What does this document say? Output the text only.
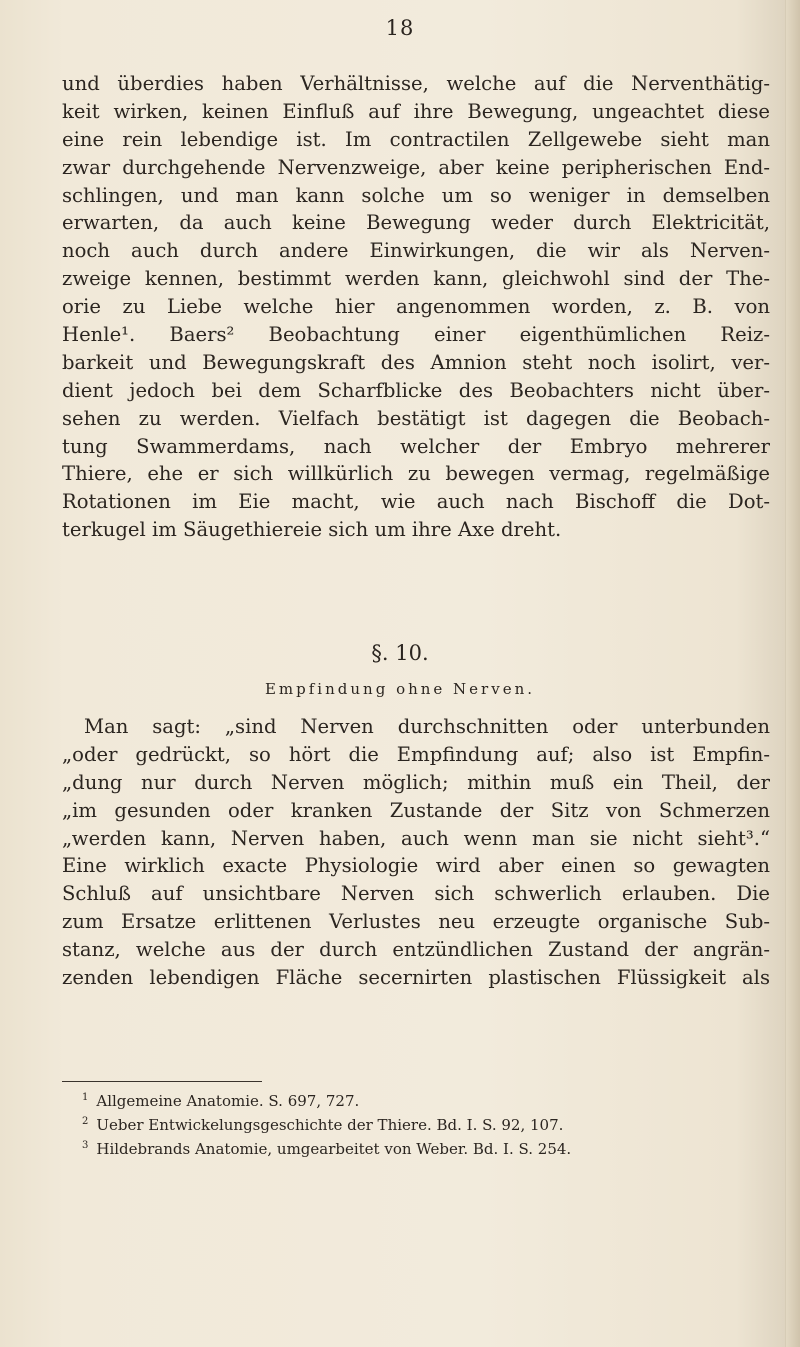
18
und überdies haben Verhältnisse, welche auf die Nerventhätig-
keit wirken, keinen Einfluß auf ihre Bewegung, ungeachtet diese
eine rein lebendige ist. Im contractilen Zellgewebe sieht man
zwar durchgehende Nervenzweige, aber keine peripherischen End-
schlingen, und man kann solche um so weniger in demselben
erwarten, da auch keine Bewegung weder durch Elektricität,
noch auch durch andere Einwirkungen, die wir als Nerven-
zweige kennen, bestimmt werden kann, gleichwohl sind der The-
orie zu Liebe welche hier angenommen worden, z. B. von
Henle¹. Baers² Beobachtung einer eigenthümlichen Reiz-
barkeit und Bewegungskraft des Amnion steht noch isolirt, ver-
dient jedoch bei dem Scharfblicke des Beobachters nicht über-
sehen zu werden. Vielfach bestätigt ist dagegen die Beobach-
tung Swammerdams, nach welcher der Embryo mehrerer
Thiere, ehe er sich willkürlich zu bewegen vermag, regelmäßige
Rotationen im Eie macht, wie auch nach Bischoff die Dot-
terkugel im Säugethiereie sich um ihre Axe dreht.
§. 10.
Empfindung ohne Nerven.
Man sagt: „sind Nerven durchschnitten oder unterbunden
„oder gedrückt, so hört die Empfindung auf; also ist Empfin-
„dung nur durch Nerven möglich; mithin muß ein Theil, der
„im gesunden oder kranken Zustande der Sitz von Schmerzen
„werden kann, Nerven haben, auch wenn man sie nicht sieht³.“
Eine wirklich exacte Physiologie wird aber einen so gewagten
Schluß auf unsichtbare Nerven sich schwerlich erlauben. Die
zum Ersatze erlittenen Verlustes neu erzeugte organische Sub-
stanz, welche aus der durch entzündlichen Zustand der angrän-
zenden lebendigen Fläche secernirten plastischen Flüssigkeit als
$^1$ Allgemeine Anatomie. S. 697, 727.
$^2$ Ueber Entwickelungsgeschichte der Thiere. Bd. I. S. 92, 107.
$^3$ Hildebrands Anatomie, umgearbeitet von Weber. Bd. I. S. 254.
